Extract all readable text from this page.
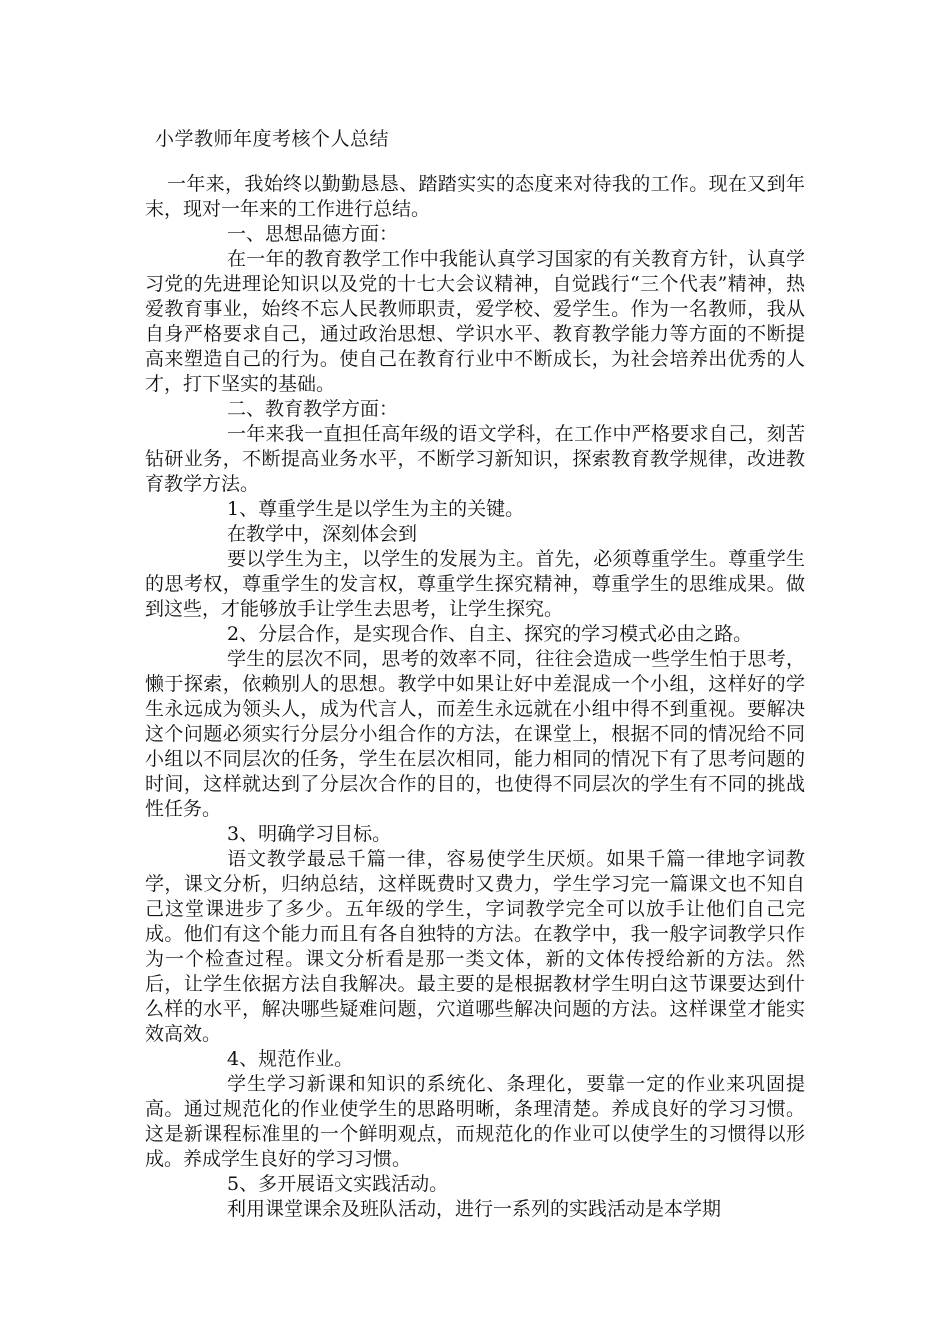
小学教师年度考核个人总结

一年来，我始终以勤勤恳恳、踏踏实实的态度来对待我的工作。现在又到年末，现对一年来的工作进行总结。

一、思想品德方面：

在一年的教育教学工作中我能认真学习国家的有关教育方针，认真学习党的先进理论知识以及党的十七大会议精神，自觉践行“三个代表”精神，热爱教育事业，始终不忘人民教师职责，爱学校、爱学生。作为一名教师，我从自身严格要求自己，通过政治思想、学识水平、教育教学能力等方面的不断提高来塑造自己的行为。使自己在教育行业中不断成长，为社会培养出优秀的人才，打下坚实的基础。

二、教育教学方面：

一年来我一直担任高年级的语文学科，在工作中严格要求自己，刻苦钻研业务，不断提高业务水平，不断学习新知识，探索教育教学规律，改进教育教学方法。

1、尊重学生是以学生为主的关键。

在教学中，深刻体会到

要以学生为主，以学生的发展为主。首先，必须尊重学生。尊重学生的思考权，尊重学生的发言权，尊重学生探究精神，尊重学生的思维成果。做到这些，才能够放手让学生去思考，让学生探究。

2、分层合作，是实现合作、自主、探究的学习模式必由之路。

学生的层次不同，思考的效率不同，往往会造成一些学生怕于思考，懒于探索，依赖别人的思想。教学中如果让好中差混成一个小组，这样好的学生永远成为领头人，成为代言人，而差生永远就在小组中得不到重视。要解决这个问题必须实行分层分小组合作的方法，在课堂上，根据不同的情况给不同小组以不同层次的任务，学生在层次相同，能力相同的情况下有了思考问题的时间，这样就达到了分层次合作的目的，也使得不同层次的学生有不同的挑战性任务。

3、明确学习目标。

语文教学最忌千篇一律，容易使学生厌烦。如果千篇一律地字词教学，课文分析，归纳总结，这样既费时又费力，学生学习完一篇课文也不知自己这堂课进步了多少。五年级的学生，字词教学完全可以放手让他们自己完成。他们有这个能力而且有各自独特的方法。在教学中，我一般字词教学只作为一个检查过程。课文分析看是那一类文体，新的文体传授给新的方法。然后，让学生依据方法自我解决。最主要的是根据教材学生明白这节课要达到什么样的水平，解决哪些疑难问题，穴道哪些解决问题的方法。这样课堂才能实效高效。

4、规范作业。

学生学习新课和知识的系统化、条理化，要靠一定的作业来巩固提高。通过规范化的作业使学生的思路明晰，条理清楚。养成良好的学习习惯。这是新课程标准里的一个鲜明观点，而规范化的作业可以使学生的习惯得以形成。养成学生良好的学习习惯。

5、多开展语文实践活动。

利用课堂课余及班队活动，进行一系列的实践活动是本学期
